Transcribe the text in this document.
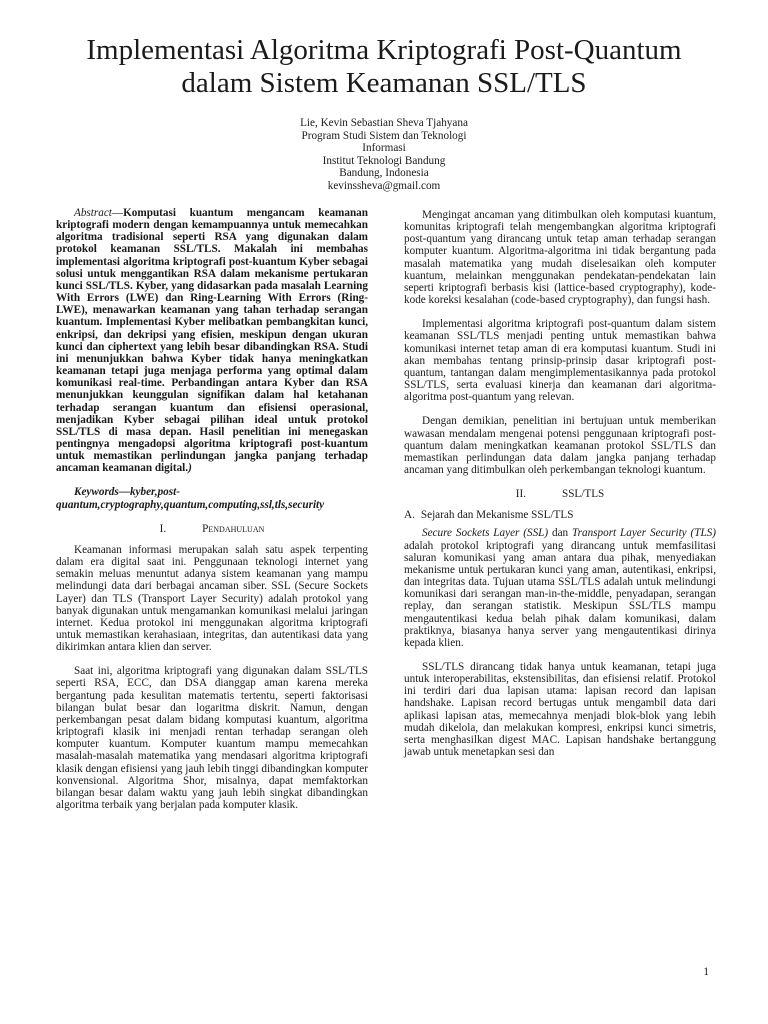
Implementasi Algoritma Kriptografi Post-Quantum
dalam Sistem Keamanan SSL/TLS
Lie, Kevin Sebastian Sheva Tjahyana
Program Studi Sistem dan Teknologi
Informasi
Institut Teknologi Bandung
Bandung, Indonesia
kevinssheva@gmail.com

Abstract—Komputasi kuantum mengancam keamanan kriptografi modern dengan kemampuannya untuk memecahkan algoritma tradisional seperti RSA yang digunakan dalam protokol keamanan SSL/TLS. Makalah ini membahas implementasi algoritma kriptografi post-kuantum Kyber sebagai solusi untuk menggantikan RSA dalam mekanisme pertukaran kunci SSL/TLS. Kyber, yang didasarkan pada masalah Learning With Errors (LWE) dan Ring-Learning With Errors (Ring-LWE), menawarkan keamanan yang tahan terhadap serangan kuantum. Implementasi Kyber melibatkan pembangkitan kunci, enkripsi, dan dekripsi yang efisien, meskipun dengan ukuran kunci dan ciphertext yang lebih besar dibandingkan RSA. Studi ini menunjukkan bahwa Kyber tidak hanya meningkatkan keamanan tetapi juga menjaga performa yang optimal dalam komunikasi real-time. Perbandingan antara Kyber dan RSA menunjukkan keunggulan signifikan dalam hal ketahanan terhadap serangan kuantum dan efisiensi operasional, menjadikan Kyber sebagai pilihan ideal untuk protokol SSL/TLS di masa depan. Hasil penelitian ini menegaskan pentingnya mengadopsi algoritma kriptografi post-kuantum untuk memastikan perlindungan jangka panjang terhadap ancaman keamanan digital.)

Keywords—kyber,post-quantum,cryptography,quantum,computing,ssl,tls,security

I.	Pendahuluan

Keamanan informasi merupakan salah satu aspek terpenting dalam era digital saat ini. Penggunaan teknologi internet yang semakin meluas menuntut adanya sistem keamanan yang mampu melindungi data dari berbagai ancaman siber. SSL (Secure Sockets Layer) dan TLS (Transport Layer Security) adalah protokol yang banyak digunakan untuk mengamankan komunikasi melalui jaringan internet. Kedua protokol ini menggunakan algoritma kriptografi untuk memastikan kerahasiaan, integritas, dan autentikasi data yang dikirimkan antara klien dan server.

Saat ini, algoritma kriptografi yang digunakan dalam SSL/TLS seperti RSA, ECC, dan DSA dianggap aman karena mereka bergantung pada kesulitan matematis tertentu, seperti faktorisasi bilangan bulat besar dan logaritma diskrit. Namun, dengan perkembangan pesat dalam bidang komputasi kuantum, algoritma kriptografi klasik ini menjadi rentan terhadap serangan oleh komputer kuantum. Komputer kuantum mampu memecahkan masalah-masalah matematika yang mendasari algoritma kriptografi klasik dengan efisiensi yang jauh lebih tinggi dibandingkan komputer konvensional. Algoritma Shor, misalnya, dapat memfaktorkan bilangan besar dalam waktu yang jauh lebih singkat dibandingkan algoritma terbaik yang berjalan pada komputer klasik.

Mengingat ancaman yang ditimbulkan oleh komputasi kuantum, komunitas kriptografi telah mengembangkan algoritma kriptografi post-quantum yang dirancang untuk tetap aman terhadap serangan komputer kuantum. Algoritma-algoritma ini tidak bergantung pada masalah matematika yang mudah diselesaikan oleh komputer kuantum, melainkan menggunakan pendekatan-pendekatan lain seperti kriptografi berbasis kisi (lattice-based cryptography), kode-kode koreksi kesalahan (code-based cryptography), dan fungsi hash.

Implementasi algoritma kriptografi post-quantum dalam sistem keamanan SSL/TLS menjadi penting untuk memastikan bahwa komunikasi internet tetap aman di era komputasi kuantum. Studi ini akan membahas tentang prinsip-prinsip dasar kriptografi post-quantum, tantangan dalam mengimplementasikannya pada protokol SSL/TLS, serta evaluasi kinerja dan keamanan dari algoritma-algoritma post-quantum yang relevan.

Dengan demikian, penelitian ini bertujuan untuk memberikan wawasan mendalam mengenai potensi penggunaan kriptografi post-quantum dalam meningkatkan keamanan protokol SSL/TLS dan memastikan perlindungan data dalam jangka panjang terhadap ancaman yang ditimbulkan oleh perkembangan teknologi kuantum.

II.	SSL/TLS
A. Sejarah dan Mekanisme SSL/TLS

Secure Sockets Layer (SSL) dan Transport Layer Security (TLS) adalah protokol kriptografi yang dirancang untuk memfasilitasi saluran komunikasi yang aman antara dua pihak, menyediakan mekanisme untuk pertukaran kunci yang aman, autentikasi, enkripsi, dan integritas data. Tujuan utama SSL/TLS adalah untuk melindungi komunikasi dari serangan man-in-the-middle, penyadapan, serangan replay, dan serangan statistik. Meskipun SSL/TLS mampu mengautentikasi kedua belah pihak dalam komunikasi, dalam praktiknya, biasanya hanya server yang mengautentikasi dirinya kepada klien.

SSL/TLS dirancang tidak hanya untuk keamanan, tetapi juga untuk interoperabilitas, ekstensibilitas, dan efisiensi relatif. Protokol ini terdiri dari dua lapisan utama: lapisan record dan lapisan handshake. Lapisan record bertugas untuk mengambil data dari aplikasi lapisan atas, memecahnya menjadi blok-blok yang lebih mudah dikelola, dan melakukan kompresi, enkripsi kunci simetris, serta menghasilkan digest MAC. Lapisan handshake bertanggung jawab untuk menetapkan sesi dan

1
